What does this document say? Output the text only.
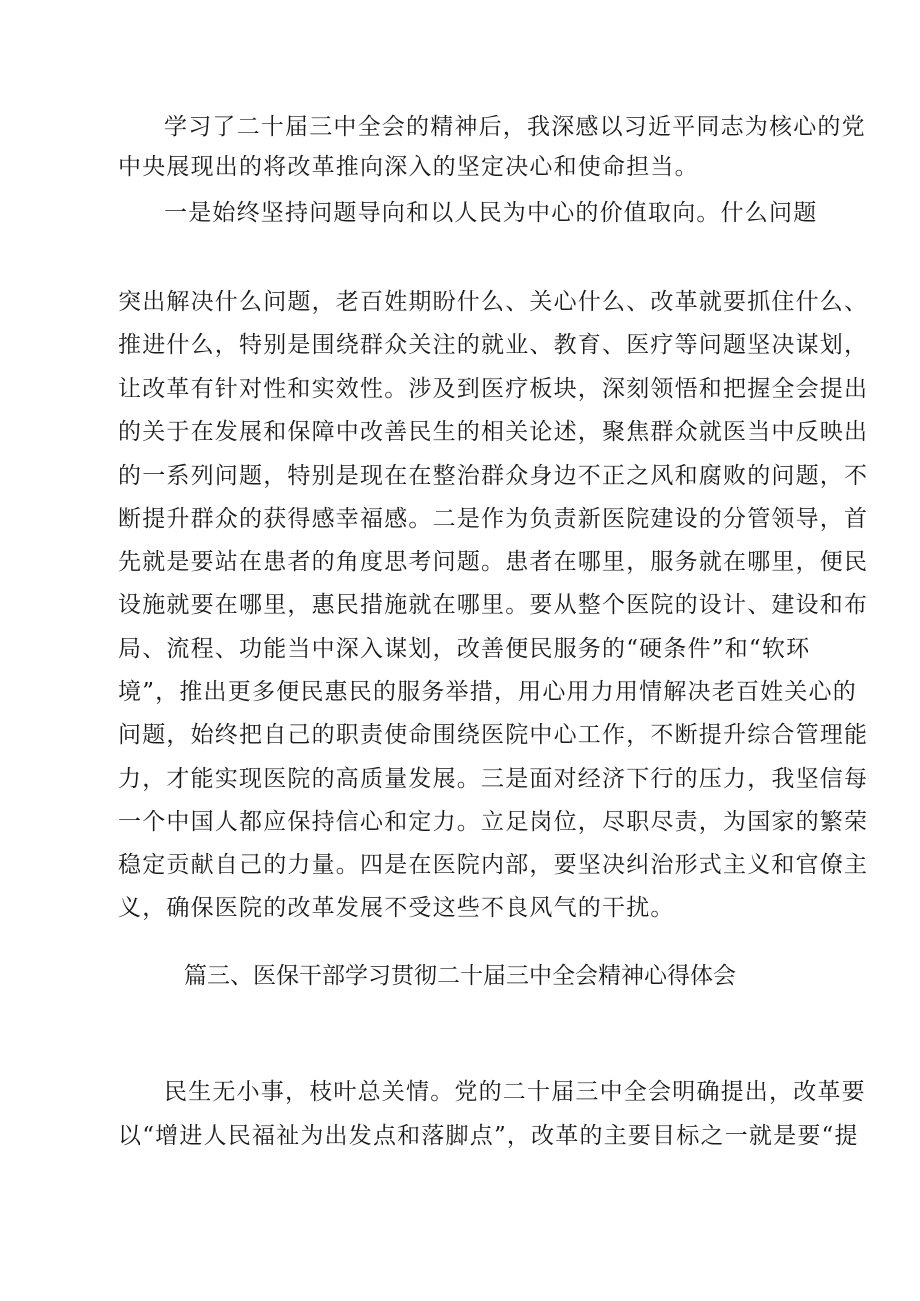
学习了二十届三中全会的精神后，我深感以习近平同志为核心的党
中央展现出的将改革推向深入的坚定决心和使命担当。
一是始终坚持问题导向和以人民为中心的价值取向。什么问题
突出解决什么问题，老百姓期盼什么、关心什么、改革就要抓住什么、
推进什么，特别是围绕群众关注的就业、教育、医疗等问题坚决谋划，
让改革有针对性和实效性。涉及到医疗板块，深刻领悟和把握全会提出
的关于在发展和保障中改善民生的相关论述，聚焦群众就医当中反映出
的一系列问题，特别是现在在整治群众身边不正之风和腐败的问题，不
断提升群众的获得感幸福感。二是作为负责新医院建设的分管领导，首
先就是要站在患者的角度思考问题。患者在哪里，服务就在哪里，便民
设施就要在哪里，惠民措施就在哪里。要从整个医院的设计、建设和布
局、流程、功能当中深入谋划，改善便民服务的“硬条件”和“软环
境”，推出更多便民惠民的服务举措，用心用力用情解决老百姓关心的
问题，始终把自己的职责使命围绕医院中心工作，不断提升综合管理能
力，才能实现医院的高质量发展。三是面对经济下行的压力，我坚信每
一个中国人都应保持信心和定力。立足岗位，尽职尽责，为国家的繁荣
稳定贡献自己的力量。四是在医院内部，要坚决纠治形式主义和官僚主
义，确保医院的改革发展不受这些不良风气的干扰。
篇三、医保干部学习贯彻二十届三中全会精神心得体会
民生无小事，枝叶总关情。党的二十届三中全会明确提出，改革要
以“增进人民福祉为出发点和落脚点”，改革的主要目标之一就是要“提
